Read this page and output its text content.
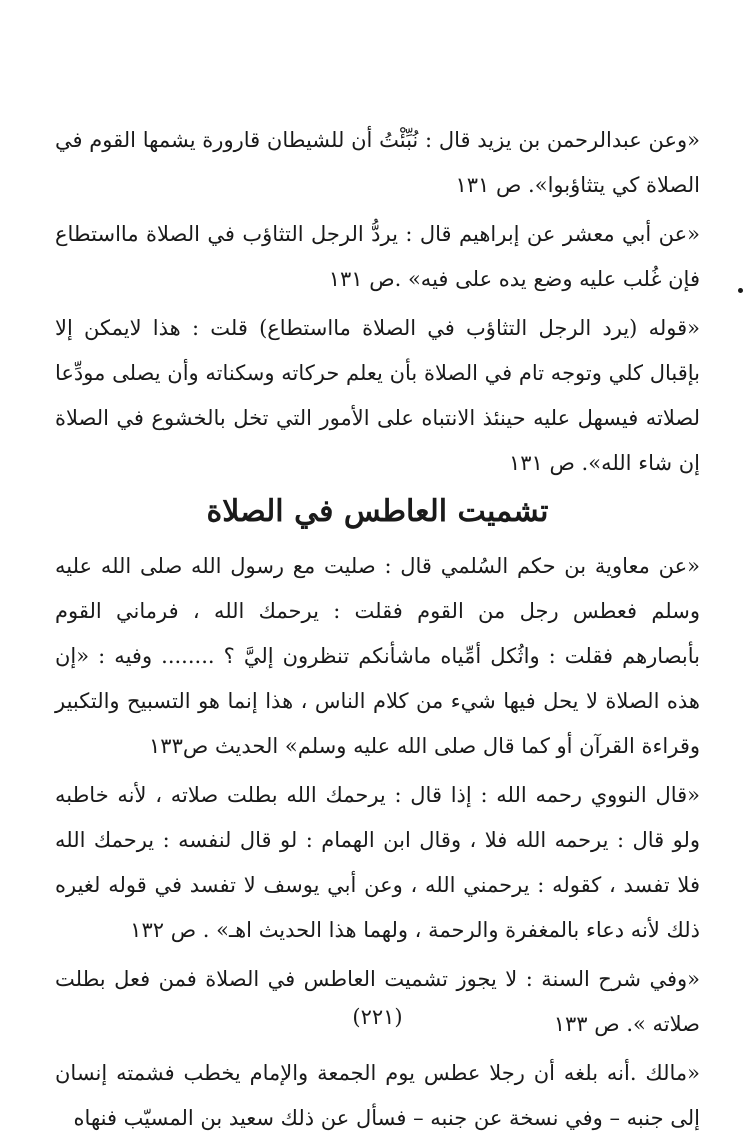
«وعن عبدالرحمن بن يزيد قال : نُبِّئْتُ أن للشيطان قارورة يشمها القوم في الصلاة كي يتثاؤبوا». ص ١٣١

«عن أبي معشر عن إبراهيم قال : يردُّ الرجل التثاؤب في الصلاة مااستطاع فإن غُلب عليه وضع يده على فيه» .ص ١٣١

«قوله (يرد الرجل التثاؤب في الصلاة مااستطاع) قلت : هذا لايمكن إلا بإقبال كلي وتوجه تام في الصلاة بأن يعلم حركاته وسكناته وأن يصلى مودِّعا لصلاته فيسهل عليه حينئذ الانتباه على الأمور التي تخل بالخشوع في الصلاة إن شاء الله». ص ١٣١

تشميت العاطس في الصلاة

«عن معاوية بن حكم السُلمي قال : صليت مع رسول الله صلى الله عليه وسلم فعطس رجل من القوم فقلت : يرحمك الله ، فرماني القوم بأبصارهم فقلت : واثُكل أمِّياه ماشأنكم تنظرون إليَّ ؟ ........ وفيه : «إن هذه الصلاة لا يحل فيها شيء من كلام الناس ، هذا إنما هو التسبيح والتكبير وقراءة القرآن أو كما قال صلى الله عليه وسلم» الحديث ص١٣٣

«قال النووي رحمه الله : إذا قال : يرحمك الله بطلت صلاته ، لأنه خاطبه ولو قال : يرحمه الله فلا ، وقال ابن الهمام : لو قال لنفسه : يرحمك الله فلا تفسد ، كقوله : يرحمني الله ، وعن أبي يوسف لا تفسد في قوله لغيره ذلك لأنه دعاء بالمغفرة والرحمة ، ولهما هذا الحديث اهـ» . ص ١٣٢

«وفي شرح السنة : لا يجوز تشميت العاطس في الصلاة فمن فعل بطلت صلاته ». ص ١٣٣

«مالك .أنه بلغه أن رجلا عطس يوم الجمعة والإمام يخطب فشمته إنسان إلى جنبه – وفي نسخة عن جنبه – فسأل عن ذلك سعيد بن المسيّب فنهاه

(٢٢١)
